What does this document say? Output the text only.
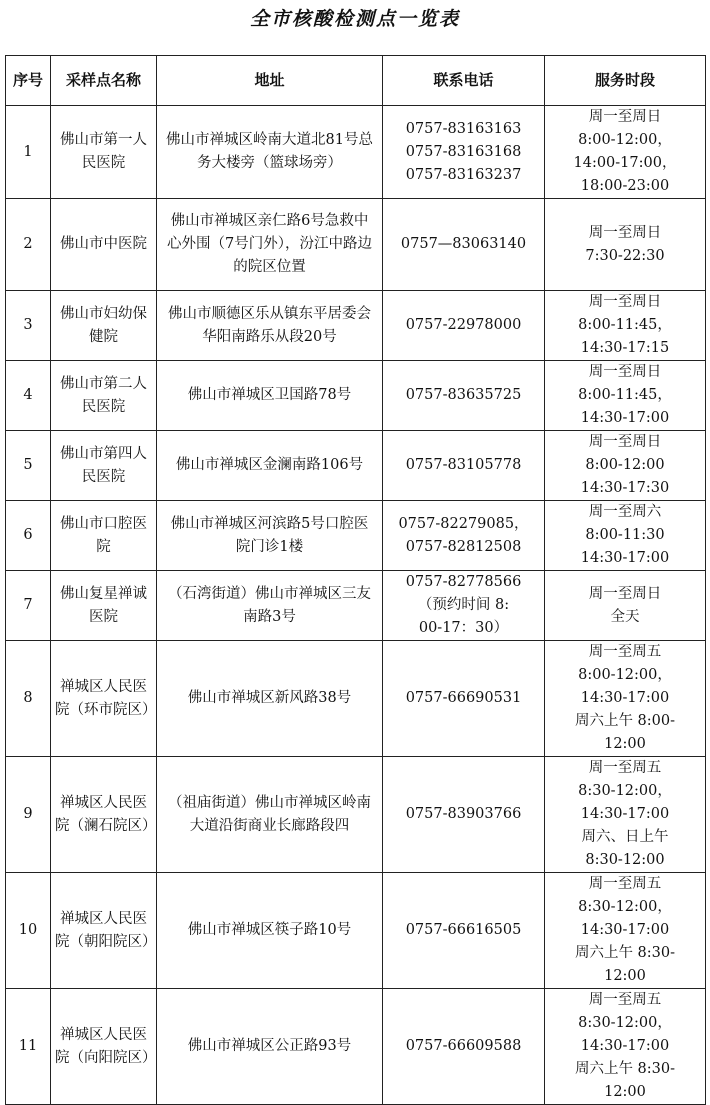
全市核酸检测点一览表
序号	采样点名称	地址	联系电话	服务时段
1	佛山市第一人民医院	佛山市禅城区岭南大道北81号总务大楼旁（篮球场旁）	0757-83163163
0757-83163168
0757-83163237	周一至周日
8:00-12:00，
14:00-17:00，
18:00-23:00

2	佛山市中医院	佛山市禅城区亲仁路6号急救中心外围（7号门外），汾江中路边的院区位置	0757—83063140	周一至周日
7:30-22:30

3	佛山市妇幼保健院	佛山市顺德区乐从镇东平居委会华阳南路乐从段20号	0757-22978000	周一至周日
8:00-11:45，
14:30-17:15

4	佛山市第二人民医院	佛山市禅城区卫国路78号	0757-83635725	周一至周日
8:00-11:45，
14:30-17:00

5	佛山市第四人民医院	佛山市禅城区金澜南路106号	0757-83105778	周一至周日
8:00-12:00
14:30-17:30

6	佛山市口腔医院	佛山市禅城区河滨路5号口腔医院门诊1楼	0757-82279085，
0757-82812508	周一至周六
8:00-11:30
14:30-17:00

7	佛山复星禅诚医院	（石湾街道）佛山市禅城区三友南路3号	0757-82778566
（预约时间 8:
00-17：30）	周一至周日
全天

8	禅城区人民医院（环市院区）	佛山市禅城区新风路38号	0757-66690531	周一至周五
8:00-12:00，
14:30-17:00
周六上午 8:00-
12:00

9	禅城区人民医院（澜石院区）	（祖庙街道）佛山市禅城区岭南大道沿街商业长廊路段四	0757-83903766	周一至周五
8:30-12:00，
14:30-17:00
周六、日上午
8:30-12:00

10	禅城区人民医院（朝阳院区）	佛山市禅城区筷子路10号	0757-66616505	周一至周五
8:30-12:00，
14:30-17:00
周六上午 8:30-
12:00

11	禅城区人民医院（向阳院区）	佛山市禅城区公正路93号	0757-66609588	周一至周五
8:30-12:00，
14:30-17:00
周六上午 8:30-
12:00
